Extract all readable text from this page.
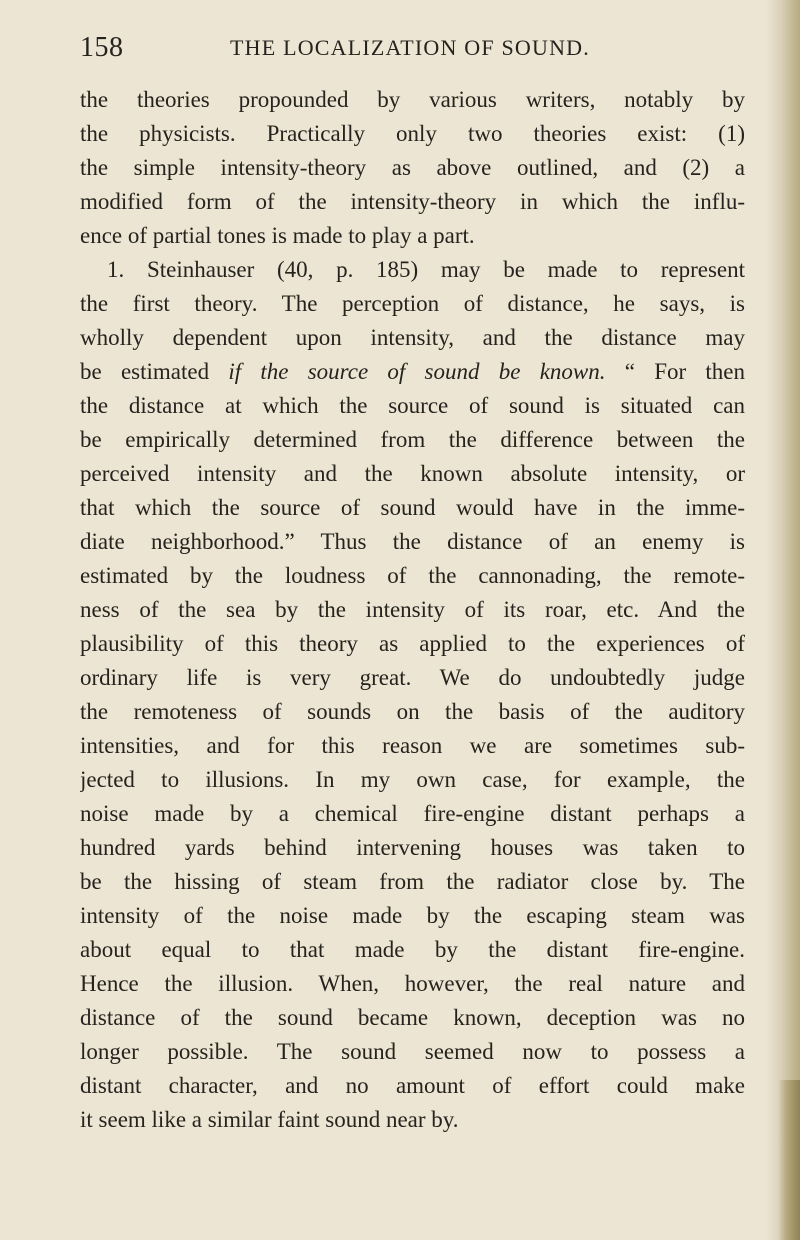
158	THE LOCALIZATION OF SOUND.
the theories propounded by various writers, notably by
the physicists. Practically only two theories exist: (1)
the simple intensity-theory as above outlined, and (2) a
modified form of the intensity-theory in which the influ-
ence of partial tones is made to play a part.
1. Steinhauser (40, p. 185) may be made to represent
the first theory. The perception of distance, he says, is
wholly dependent upon intensity, and the distance may
be estimated if the source of sound be known. “ For then
the distance at which the source of sound is situated can
be empirically determined from the difference between the
perceived intensity and the known absolute intensity, or
that which the source of sound would have in the imme-
diate neighborhood.” Thus the distance of an enemy is
estimated by the loudness of the cannonading, the remote-
ness of the sea by the intensity of its roar, etc. And the
plausibility of this theory as applied to the experiences of
ordinary life is very great. We do undoubtedly judge
the remoteness of sounds on the basis of the auditory
intensities, and for this reason we are sometimes sub-
jected to illusions. In my own case, for example, the
noise made by a chemical fire-engine distant perhaps a
hundred yards behind intervening houses was taken to
be the hissing of steam from the radiator close by. The
intensity of the noise made by the escaping steam was
about equal to that made by the distant fire-engine.
Hence the illusion. When, however, the real nature and
distance of the sound became known, deception was no
longer possible. The sound seemed now to possess a
distant character, and no amount of effort could make
it seem like a similar faint sound near by.
